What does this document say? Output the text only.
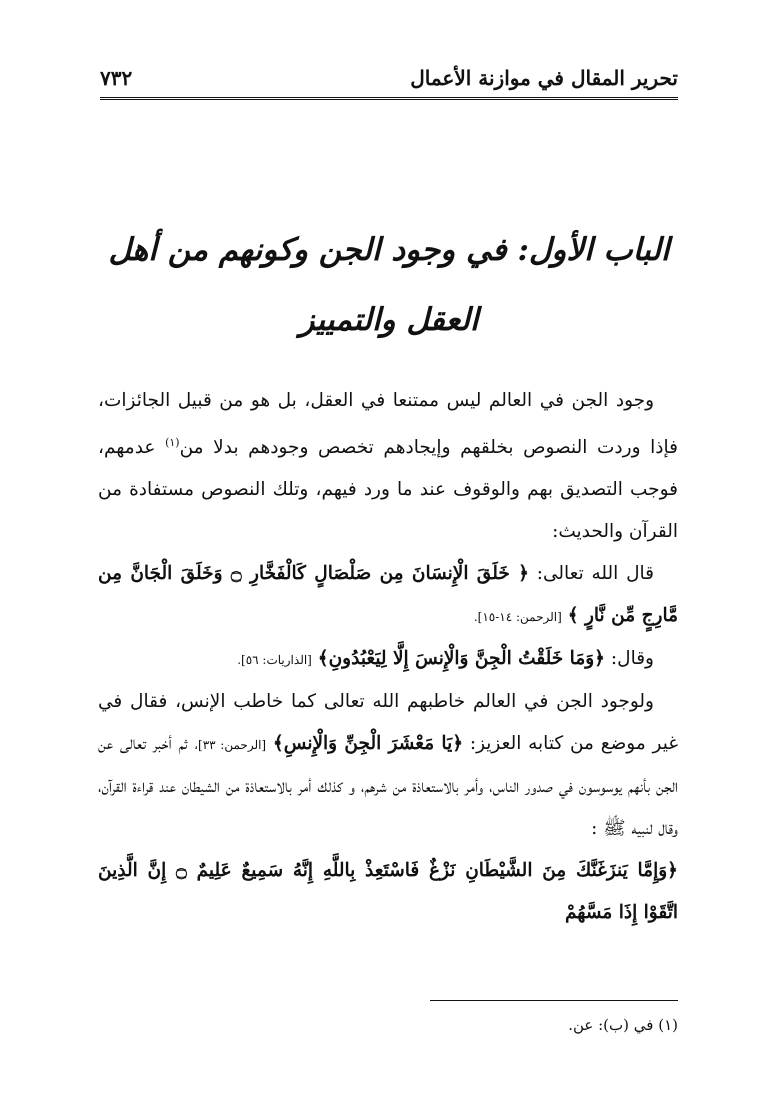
تحرير المقال في موازنة الأعمال
٧٣٢
الباب الأول: في وجود الجن وكونهم من أهل العقل والتمييز

وجود الجن في العالم ليس ممتنعا في العقل، بل هو من قبيل الجائزات، فإذا وردت النصوص بخلقهم وإيجادهم تخصص وجودهم بدلا من$^{(١)}$ عدمهم، فوجب التصديق بهم والوقوف عند ما ورد فيهم، وتلك النصوص مستفادة من القرآن والحديث:

قال الله تعالى: ﴿ خَلَقَ الْإِنسَانَ مِن صَلْصَالٍ كَالْفَخَّارِ ۝ وَخَلَقَ الْجَانَّ مِن مَّارِجٍ مِّن نَّارٍ ﴾ [الرحمن: ١٤-١٥].

وقال: ﴿وَمَا خَلَقْتُ الْجِنَّ وَالْإِنسَ إِلَّا لِيَعْبُدُونِ﴾ [الذاريات: ٥٦].

ولوجود الجن في العالم خاطبهم الله تعالى كما خاطب الإنس، فقال في غير موضع من كتابه العزيز: ﴿يَا مَعْشَرَ الْجِنِّ وَالْإِنسِ﴾ [الرحمن: ٣٣]، ثم أخبر تعالى عن الجن بأنهم يوسوسون في صدور الناس، وأمر بالاستعاذة من شرهم، و كذلك أمر بالاستعاذة من الشيطان عند قراءة القرآن، وقال لنبيه ﷺ :

﴿وَإِمَّا يَنزَغَنَّكَ مِنَ الشَّيْطَانِ نَزْغٌ فَاسْتَعِذْ بِاللَّهِ إِنَّهُ سَمِيعٌ عَلِيمٌ ۝ إِنَّ الَّذِينَ اتَّقَوْا إِذَا مَسَّهُمْ

(١) في (ب): عن.
